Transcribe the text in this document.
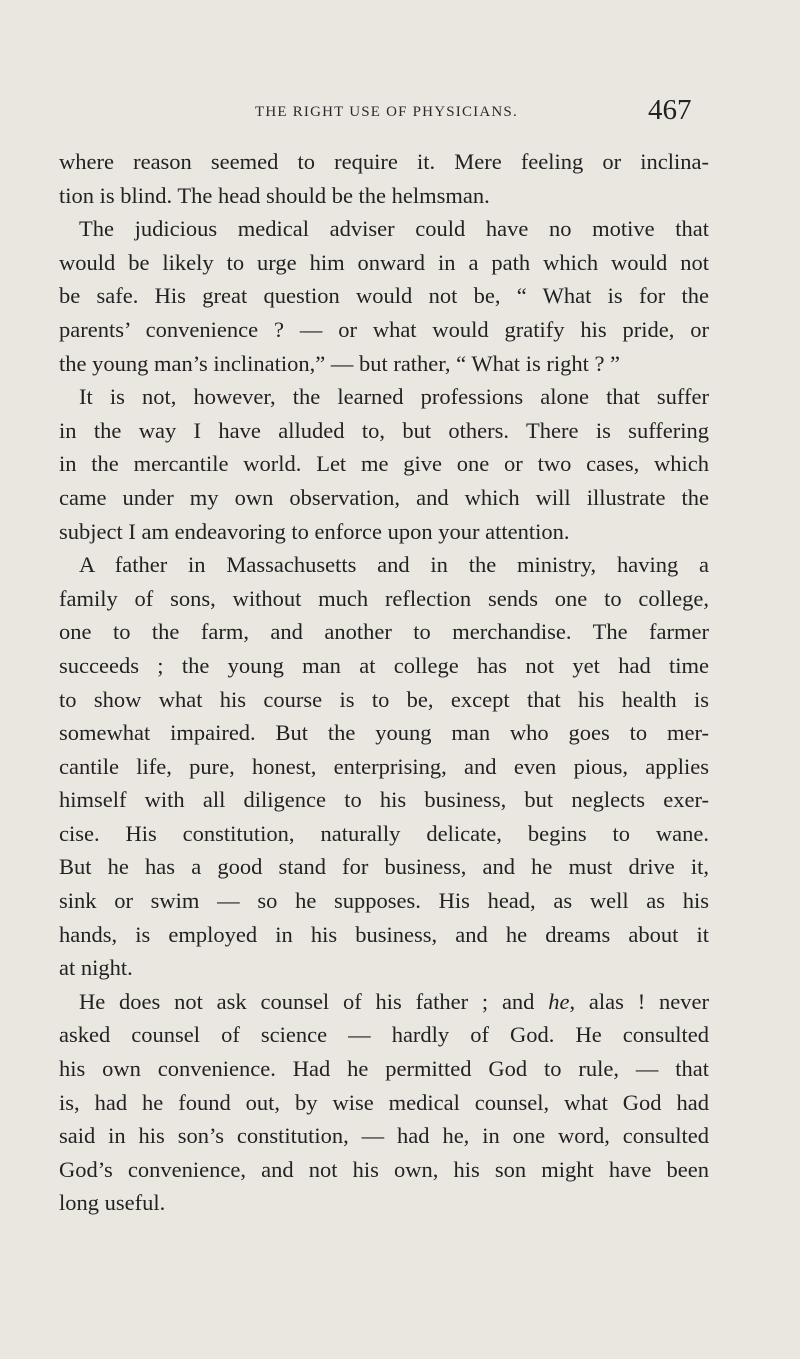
THE RIGHT USE OF PHYSICIANS.	467
where reason seemed to require it. Mere feeling or inclina-
tion is blind. The head should be the helmsman.
The judicious medical adviser could have no motive that
would be likely to urge him onward in a path which would not
be safe. His great question would not be, “ What is for the
parents’ convenience ? — or what would gratify his pride, or
the young man’s inclination,” — but rather, “ What is right ? ”
It is not, however, the learned professions alone that suffer
in the way I have alluded to, but others. There is suffering
in the mercantile world. Let me give one or two cases, which
came under my own observation, and which will illustrate the
subject I am endeavoring to enforce upon your attention.
A father in Massachusetts and in the ministry, having a
family of sons, without much reflection sends one to college,
one to the farm, and another to merchandise. The farmer
succeeds ; the young man at college has not yet had time
to show what his course is to be, except that his health is
somewhat impaired. But the young man who goes to mer-
cantile life, pure, honest, enterprising, and even pious, applies
himself with all diligence to his business, but neglects exer-
cise. His constitution, naturally delicate, begins to wane.
But he has a good stand for business, and he must drive it,
sink or swim — so he supposes. His head, as well as his
hands, is employed in his business, and he dreams about it
at night.
He does not ask counsel of his father ; and he, alas ! never
asked counsel of science — hardly of God. He consulted
his own convenience. Had he permitted God to rule, — that
is, had he found out, by wise medical counsel, what God had
said in his son’s constitution, — had he, in one word, consulted
God’s convenience, and not his own, his son might have been
long useful.
